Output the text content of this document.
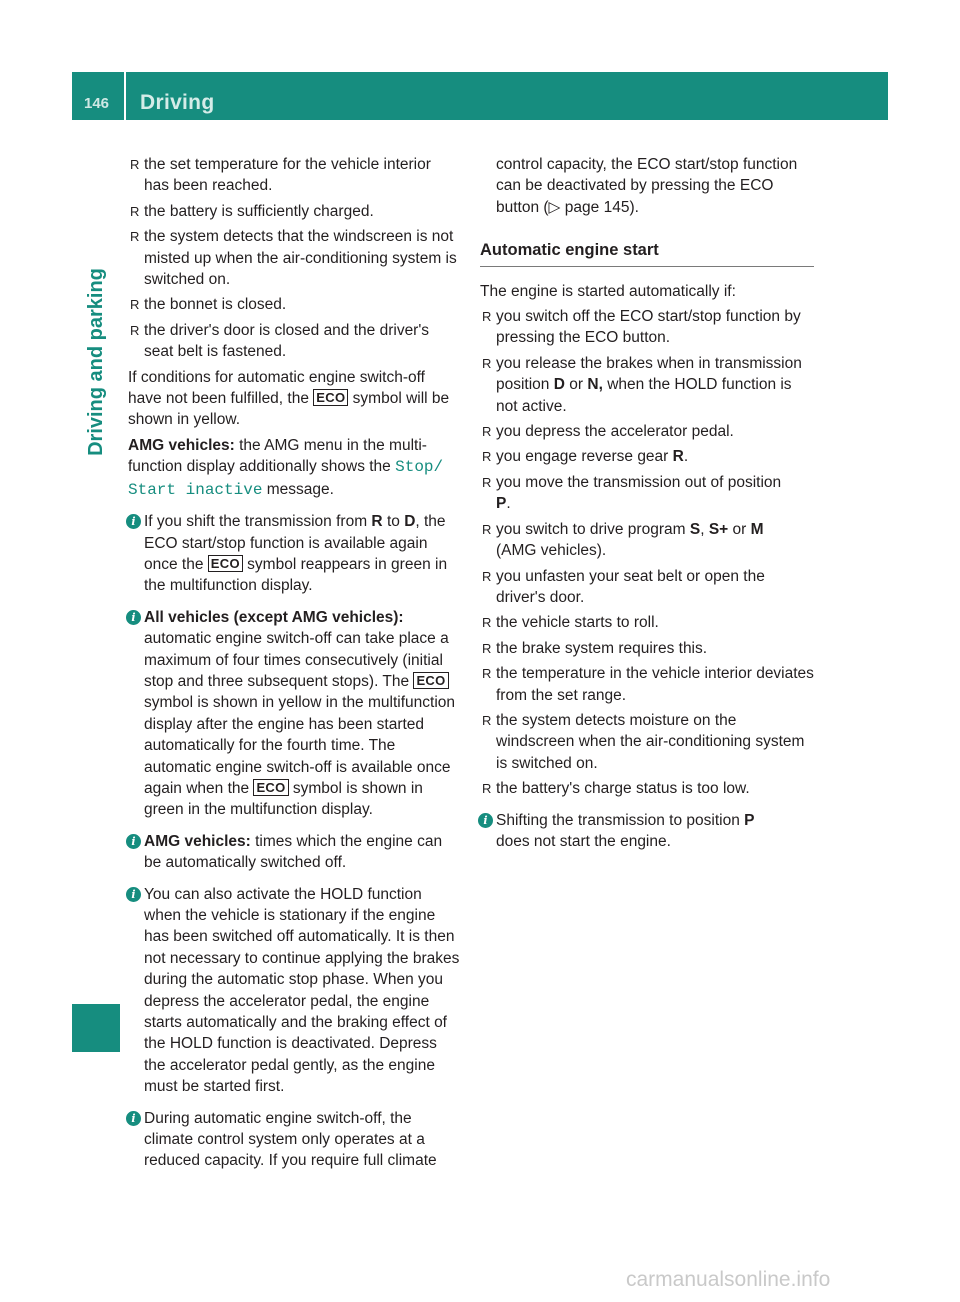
146 Driving
Driving and parking
R the set temperature for the vehicle interior has been reached.
R the battery is sufficiently charged.
R the system detects that the windscreen is not misted up when the air-conditioning system is switched on.
R the bonnet is closed.
R the driver's door is closed and the driver's seat belt is fastened.

If conditions for automatic engine switch-off have not been fulfilled, the ECO symbol will be shown in yellow.

AMG vehicles: the AMG menu in the multi-function display additionally shows the Stop/ Start inactive message.

i If you shift the transmission from R to D, the ECO start/stop function is available again once the ECO symbol reappears in green in the multifunction display.
i All vehicles (except AMG vehicles): automatic engine switch-off can take place a maximum of four times consecutively (initial stop and three subsequent stops). The ECO symbol is shown in yellow in the multifunction display after the engine has been started automatically for the fourth time. The automatic engine switch-off is available once again when the ECO symbol is shown in green in the multifunction display.
i AMG vehicles: times which the engine can be automatically switched off.
i You can also activate the HOLD function when the vehicle is stationary if the engine has been switched off automatically. It is then not necessary to continue applying the brakes during the automatic stop phase. When you depress the accelerator pedal, the engine starts automatically and the braking effect of the HOLD function is deactivated. Depress the accelerator pedal gently, as the engine must be started first.
i During automatic engine switch-off, the climate control system only operates at a reduced capacity. If you require full climate
control capacity, the ECO start/stop function can be deactivated by pressing the ECO button (▷ page 145).
Automatic engine start

The engine is started automatically if:

R you switch off the ECO start/stop function by pressing the ECO button.
R you release the brakes when in transmission position D or N, when the HOLD function is not active.
R you depress the accelerator pedal.
R you engage reverse gear R.
R you move the transmission out of position
P.
R you switch to drive program S, S+ or M
(AMG vehicles).
R you unfasten your seat belt or open the driver's door.
R the vehicle starts to roll.
R the brake system requires this.
R the temperature in the vehicle interior deviates from the set range.
R the system detects moisture on the windscreen when the air-conditioning system is switched on.
R the battery's charge status is too low.
i Shifting the transmission to position P
does not start the engine.
carmanualsonline.info
